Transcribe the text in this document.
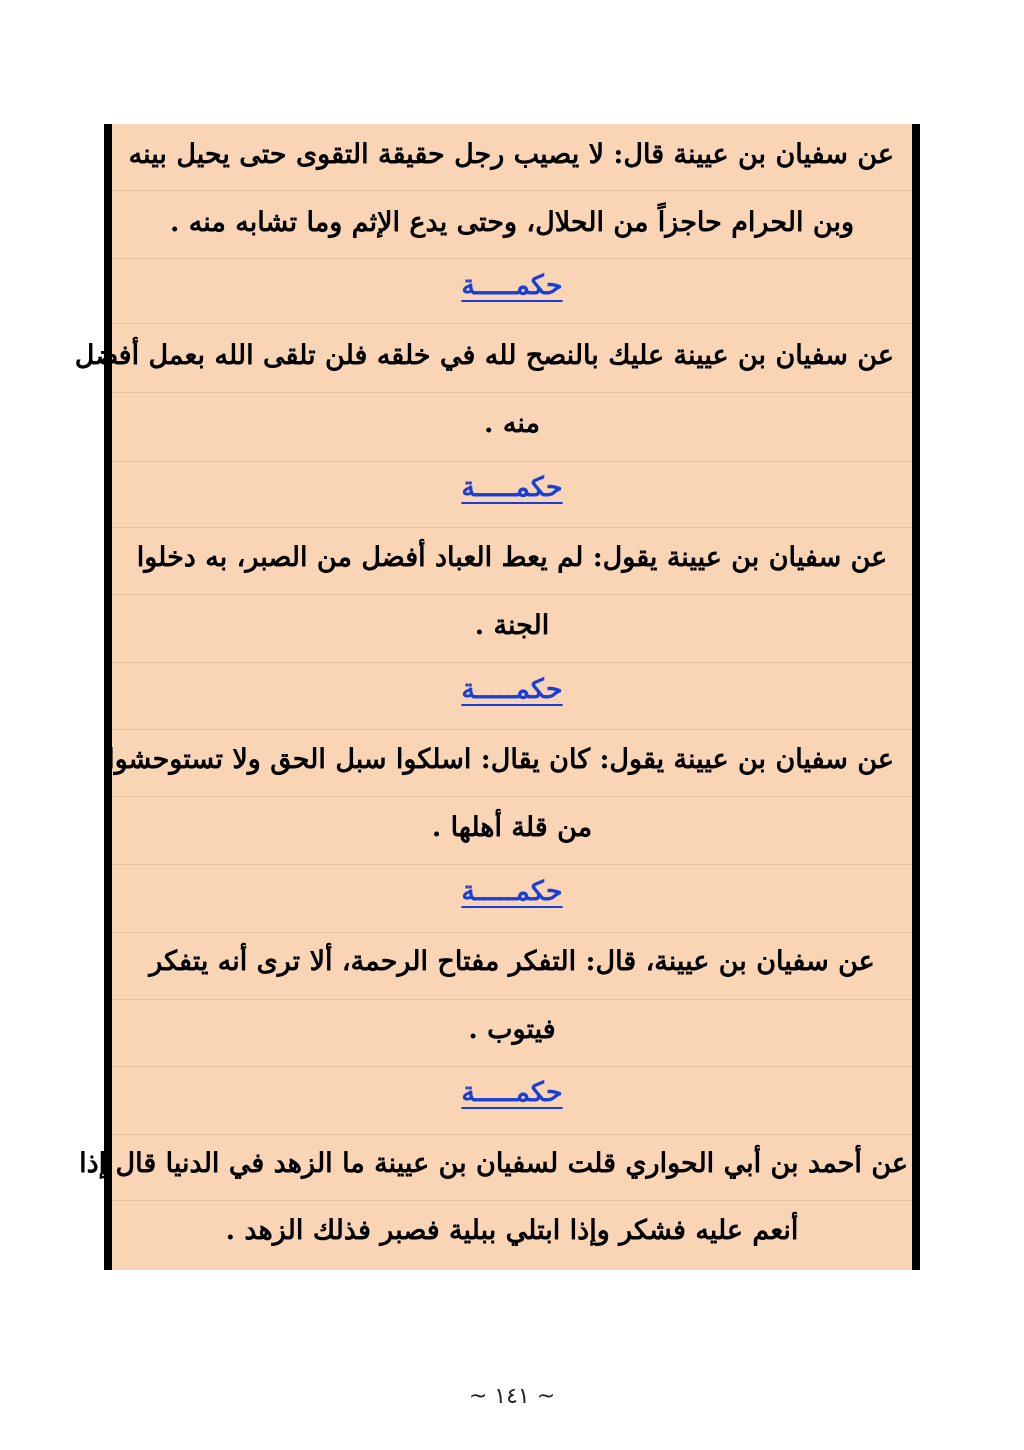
عن سفيان بن عيينة قال: لا يصيب رجل حقيقة التقوى حتى يحيل بينه
وبن الحرام حاجزاً من الحلال، وحتى يدع الإثم وما تشابه منه .
حكمـــــة
عن سفيان بن عيينة عليك بالنصح لله في خلقه فلن تلقى الله بعمل أفضل
منه .
حكمـــــة
عن سفيان بن عيينة يقول: لم يعط العباد أفضل من الصبر، به دخلوا
الجنة .
حكمـــــة
عن سفيان بن عيينة يقول: كان يقال: اسلكوا سبل الحق ولا تستوحشوا
من قلة أهلها .
حكمـــــة
عن سفيان بن عيينة، قال: التفكر مفتاح الرحمة، ألا ترى أنه يتفكر
فيتوب .
حكمـــــة
عن أحمد بن أبي الحواري قلت لسفيان بن عيينة ما الزهد في الدنيا قال إذا
أنعم عليه فشكر وإذا ابتلي ببلية فصبر فذلك الزهد .
~ ١٤١ ~
